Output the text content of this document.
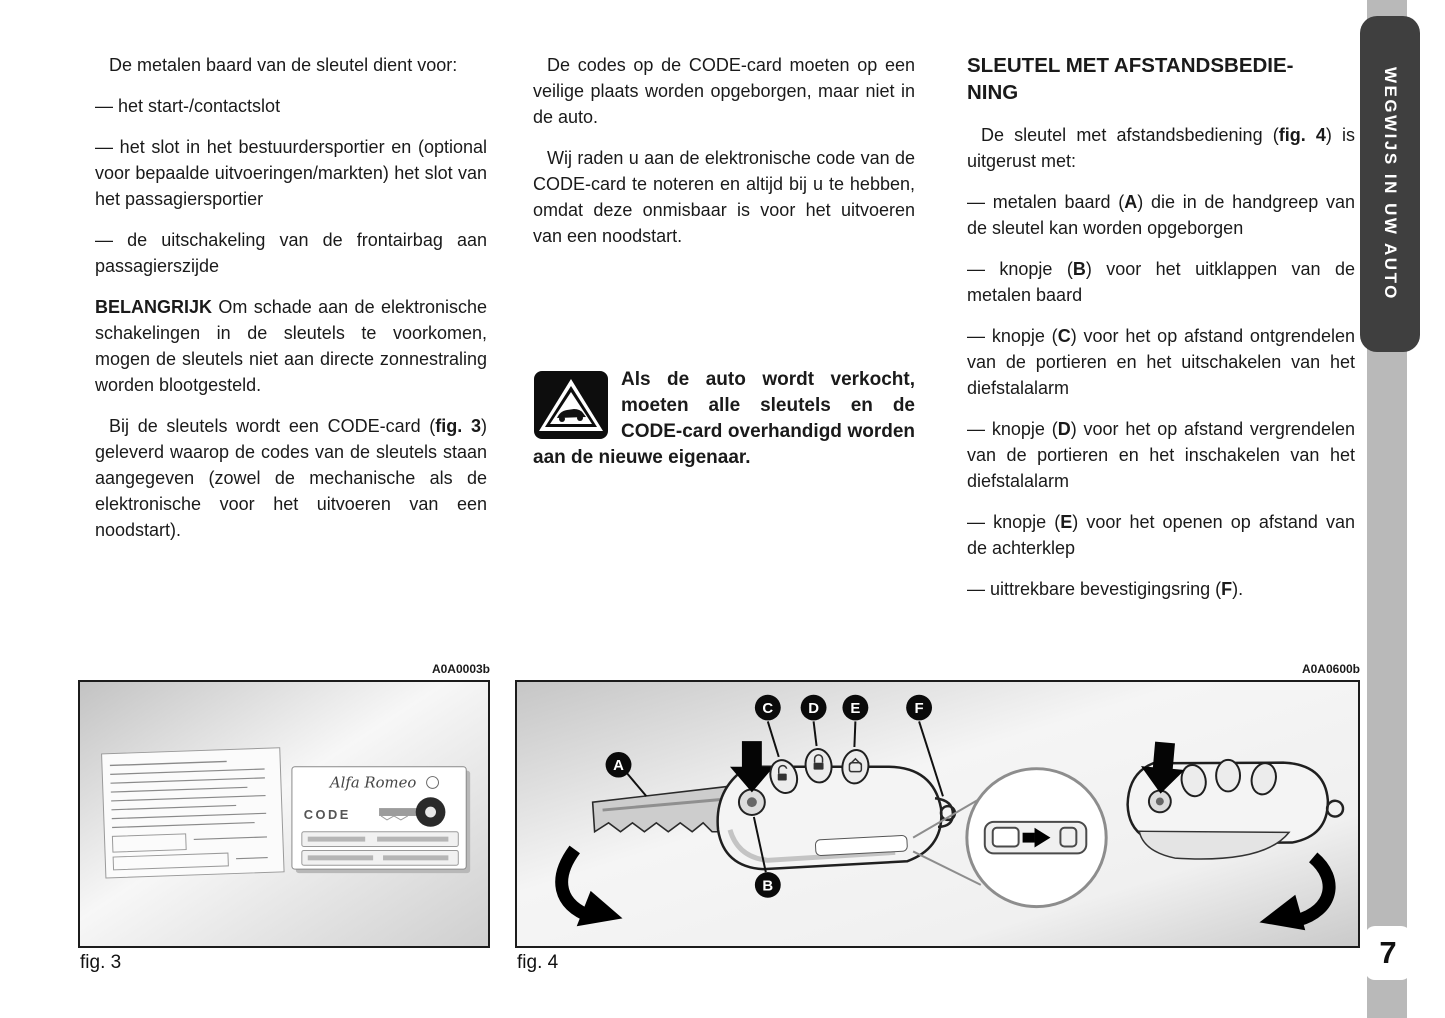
De metalen baard van de sleutel dient voor:

— het start-/contactslot

— het slot in het bestuurdersportier en (optional voor bepaalde uitvoeringen/markten) het slot van het passagiersportier

— de uitschakeling van de frontairbag aan passagierszijde

BELANGRIJK Om schade aan de elektronische schakelingen in de sleutels te voorkomen, mogen de sleutels niet aan directe zonnestraling worden blootgesteld.

Bij de sleutels wordt een CODE-card (fig. 3) geleverd waarop de codes van de sleutels staan aangegeven (zowel de mechanische als de elektronische voor het uitvoeren van een noodstart).

De codes op de CODE-card moeten op een veilige plaats worden opgeborgen, maar niet in de auto.

Wij raden u aan de elektronische code van de CODE-card te noteren en altijd bij u te hebben, omdat deze onmisbaar is voor het uitvoeren van een noodstart.

Als de auto wordt verkocht, moeten alle sleutels en de CODE-card overhandigd worden aan de nieuwe eigenaar.
SLEUTEL MET AFSTANDSBEDIE-
NING

De sleutel met afstandsbediening (fig. 4) is uitgerust met:

— metalen baard (A) die in de handgreep van de sleutel kan worden opgeborgen

— knopje (B) voor het uitklappen van de metalen baard

— knopje (C) voor het op afstand ontgrendelen van de portieren en het uitschakelen van het diefstalalarm

— knopje (D) voor het op afstand vergrendelen van de portieren en het inschakelen van het diefstalalarm

— knopje (E) voor het openen op afstand van de achterklep

— uittrekbare bevestigingsring (F).

A0A0003b
Alfa Romeo
CODE
fig. 3
A0A0600b
C D E	F
A
B
fig. 4
WEGWIJS IN UW AUTO
7
